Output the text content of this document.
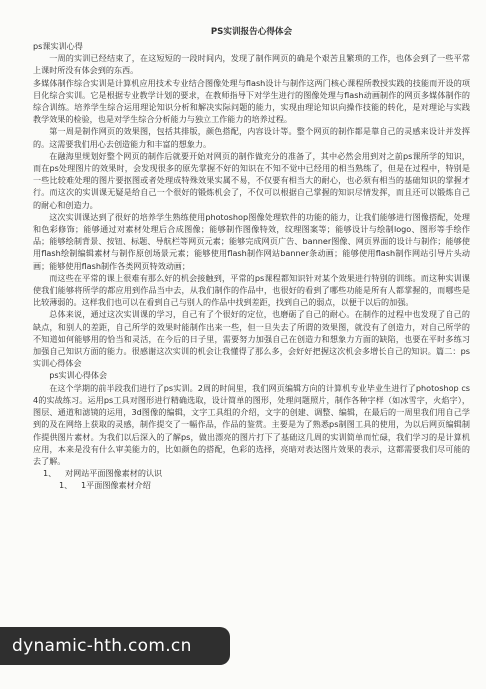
PS实训报告心得体会

ps课实训心得

一周的实训已经结束了，在这短短的一段时间内，发现了制作网页的确是个艰苦且繁琐的工作，也体会到了一些平常上课时所没有体会到的东西。

多媒体制作综合实训是计算机应用技术专业结合图像处理与flash设计与制作这两门核心课程所教授实践的技能而开设的项目化综合实训。它是根据专业教学计划的要求，在教师指导下对学生进行的图像处理与flash动画制作的网页多媒体制作的综合训练。培养学生综合运用理论知识分析和解决实际问题的能力，实现由理论知识向操作技能的转化，是对理论与实践教学效果的检验，也是对学生综合分析能力与独立工作能力的培养过程。

第一周是制作网页的效果图，包括其排版，颜色搭配，内容设计等。整个网页的制作都是靠自己的灵感来设计并发挥的。这需要我们用心去创造能力和丰富的想象力。

在融海里规划好整个网页的制作后就要开始对网页的制作做充分的准备了，其中必然会用到对之前ps课所学的知识，而在ps处理图片的效果时，会发现很多的原先掌握不好的知识在不知不觉中已经用的相当熟练了，但是在过程中，特别是一些比较难处理的图片要抠图或者处理成特殊效果实属不易，不仅要有相当大的耐心，也必须有相当的基础知识的掌握才行。而这次的实训课无疑是给自己一个很好的锻炼机会了，不仅可以根据自己掌握的知识尽情发挥，而且还可以锻炼自己的耐心和创造力。

这次实训课达到了很好的培养学生熟练使用photoshop图像处理软件的功能的能力，让我们能够进行图像搭配，处理和色彩修饰；能够通过对素材处理后合成图像；能够制作图像特效，纹理图案等；能够设计与绘制logo、图形等手绘作品；能够绘制背景、按钮、标题、导航栏等网页元素；能够完成网页广告、banner图像、网页界面的设计与制作；能够使用flash绘制编辑素材与制作原创场景元素；能够使用flash制作网站banner条动画；能够使用flash制作网站引导片头动画；能够使用flash制作各类网页特效动画；

而这些在平常的课上很难有那么好的机会接触到，平常的ps课程都知识针对某个效果进行特别的训练。而这种实训课使我们能够将所学的都应用到作品当中去，从我们制作的作品中，也很好的看到了哪些功能是所有人都掌握的，而哪些是比较薄弱的。这样我们也可以在看到自己与别人的作品中找到差距，找到自己的弱点，以便于以后的加强。

总体来说，通过这次实训课的学习，自己有了个很好的定位，也磨砺了自己的耐心。在制作的过程中也发现了自己的缺点，和别人的差距，自己所学的效果时能制作出来一些，但一旦失去了所谓的效果图，就没有了创造力，对自己所学的不知道如何能够用的恰当和灵活，在今后的日子里，需要努力加强自己在创造力和想象力方面的缺陷，也要在平时多练习加强自己知识方面的能力。很感谢这次实训的机会让我懂得了那么多，会好好把握这次机会多增长自己的知识。篇二：ps实训心得体会

ps实训心得体会

在这个学期的前半段我们进行了ps实训。2周的时间里，我们网页编辑方向的计算机专业毕业生进行了photoshop cs4的实战练习。运用ps工具对图形进行精确选取，设计简单的图形，处理问题照片，制作各种字样（如冰雪字，火焰字），图层、通道和滤镜的运用，3d图像的编辑，文字工具组的介绍，文字的创建、调整、编辑，在最后的一周里我们用自己学到的及在网络上获取的灵感，制作提交了一幅作品，作品的鉴赏。主要是为了熟悉ps制图工具的使用，为以后网页编辑制作提供图片素材。为我们以后深入的了解ps，做出漂亮的图片打下了基础这几周的实训简单而忙碌，我们学习的是计算机应用，本来是没有什么审美能力的，比如颜色的搭配，色彩的选择，亮暗对表达图片效果的表示，这都需要我们尽可能的去了解。

1、 对网站平面图像素材的认识

1、 1平面图像素材介绍

dynamic-hth.com.cn
